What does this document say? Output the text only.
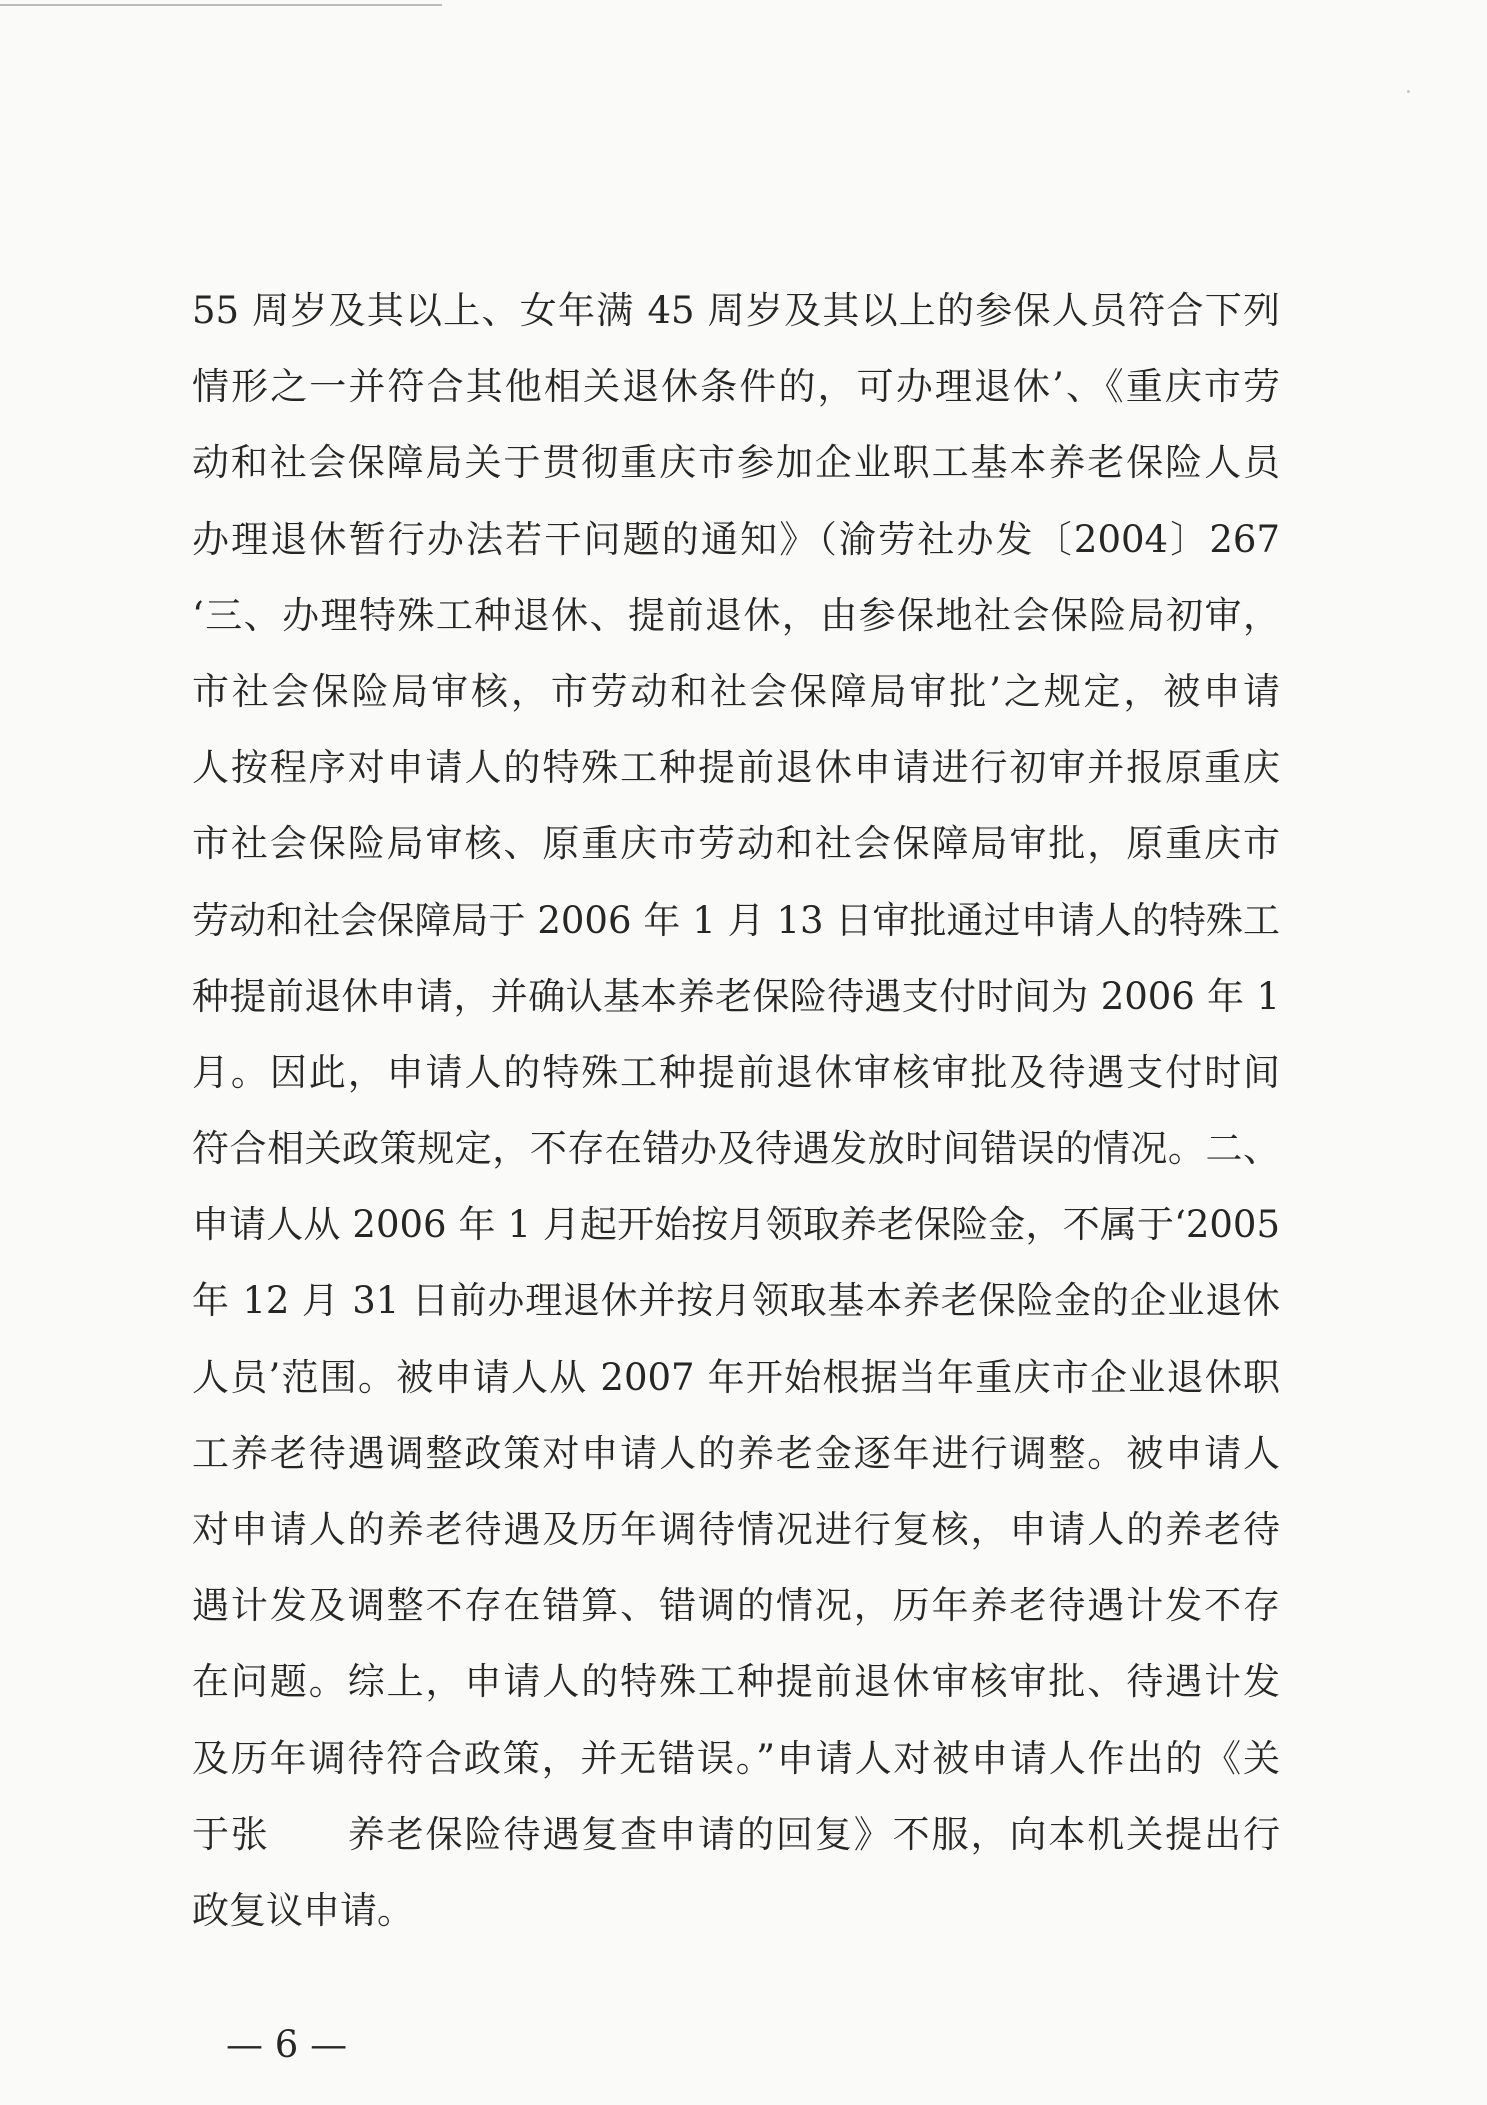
55 周岁及其以上、女年满 45 周岁及其以上的参保人员符合下列
情形之一并符合其他相关退休条件的，可办理退休’、《重庆市劳
动和社会保障局关于贯彻重庆市参加企业职工基本养老保险人员
办理退休暂行办法若干问题的通知》（渝劳社办发〔2004〕267
‘三、办理特殊工种退休、提前退休，由参保地社会保险局初审，
市社会保险局审核，市劳动和社会保障局审批’之规定，被申请
人按程序对申请人的特殊工种提前退休申请进行初审并报原重庆
市社会保险局审核、原重庆市劳动和社会保障局审批，原重庆市
劳动和社会保障局于 2006 年 1 月 13 日审批通过申请人的特殊工
种提前退休申请，并确认基本养老保险待遇支付时间为 2006 年 1
月。因此，申请人的特殊工种提前退休审核审批及待遇支付时间
符合相关政策规定，不存在错办及待遇发放时间错误的情况。二、
申请人从 2006 年 1 月起开始按月领取养老保险金，不属于‘2005
年 12 月 31 日前办理退休并按月领取基本养老保险金的企业退休
人员’范围。被申请人从 2007 年开始根据当年重庆市企业退休职
工养老待遇调整政策对申请人的养老金逐年进行调整。被申请人
对申请人的养老待遇及历年调待情况进行复核，申请人的养老待
遇计发及调整不存在错算、错调的情况，历年养老待遇计发不存
在问题。综上，申请人的特殊工种提前退休审核审批、待遇计发
及历年调待符合政策，并无错误。”申请人对被申请人作出的《关
于张　　养老保险待遇复查申请的回复》不服，向本机关提出行
政复议申请。
— 6 —
